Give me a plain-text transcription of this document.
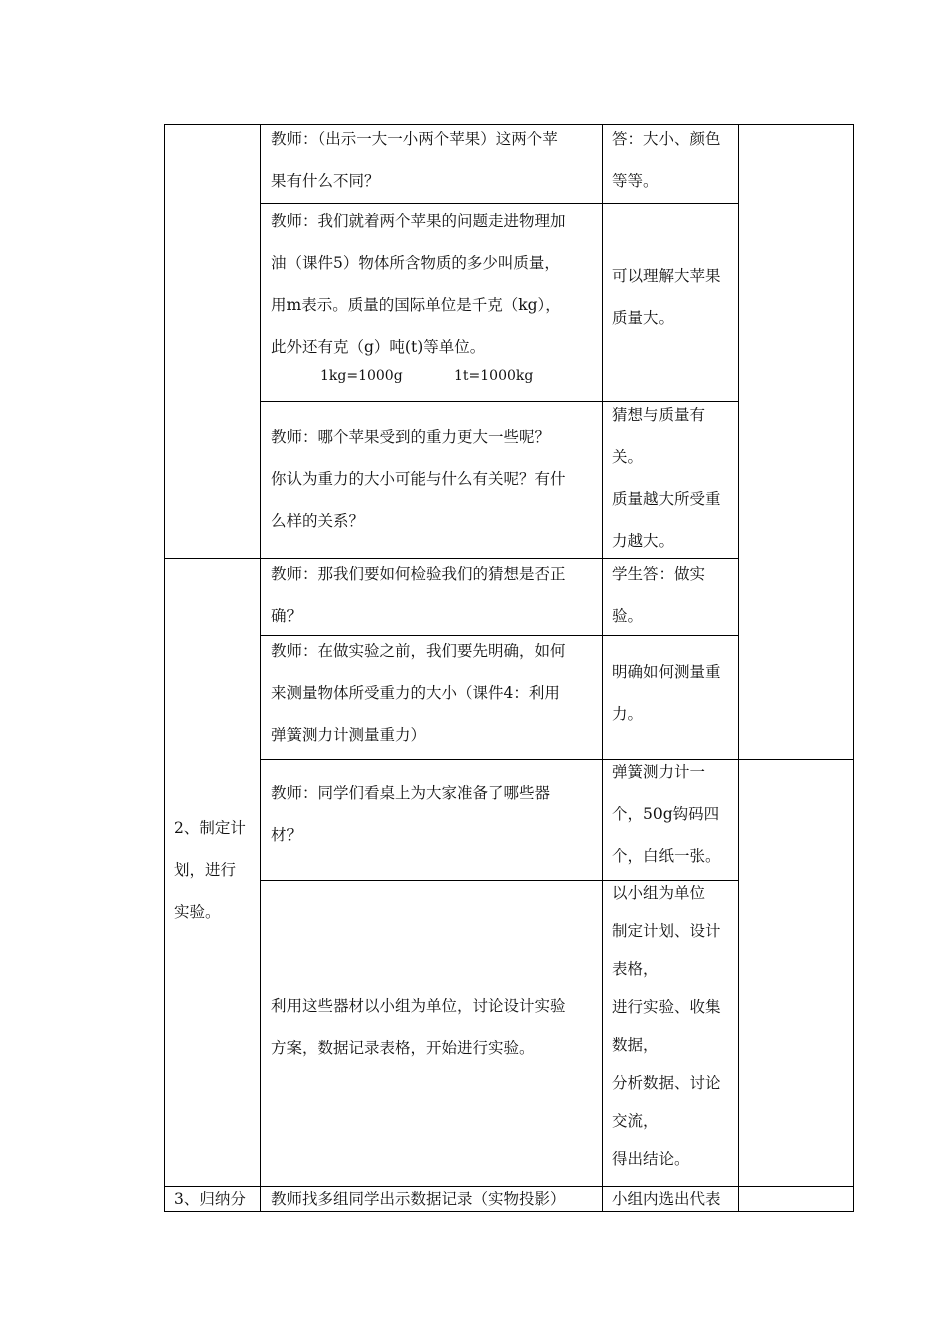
教师：（出示一大一小两个苹果）这两个苹

果有什么不同？

答：大小、颜色

等等。

教师：我们就着两个苹果的问题走进物理加

油（课件5）物体所含物质的多少叫质量，

用m表示。质量的国际单位是千克（kg），

此外还有克（g）吨(t)等单位。

1kg=1000g	1t=1000kg

可以理解大苹果

质量大。

教师：哪个苹果受到的重力更大一些呢？

你认为重力的大小可能与什么有关呢？有什

么样的关系？

猜想与质量有

关。

质量越大所受重

力越大。

教师：那我们要如何检验我们的猜想是否正

确？

学生答：做实

验。

教师：在做实验之前，我们要先明确，如何

来测量物体所受重力的大小（课件4：利用

弹簧测力计测量重力）

明确如何测量重

力。

教师：同学们看桌上为大家准备了哪些器

材？

弹簧测力计一

个，50g钩码四

个，白纸一张。

利用这些器材以小组为单位，讨论设计实验

方案，数据记录表格，开始进行实验。

以小组为单位

制定计划、设计

表格，

进行实验、收集

数据，

分析数据、讨论

交流，

得出结论。

2、制定计

划，进行

实验。

3、归纳分 教师找多组同学出示数据记录（实物投影）	小组内选出代表
